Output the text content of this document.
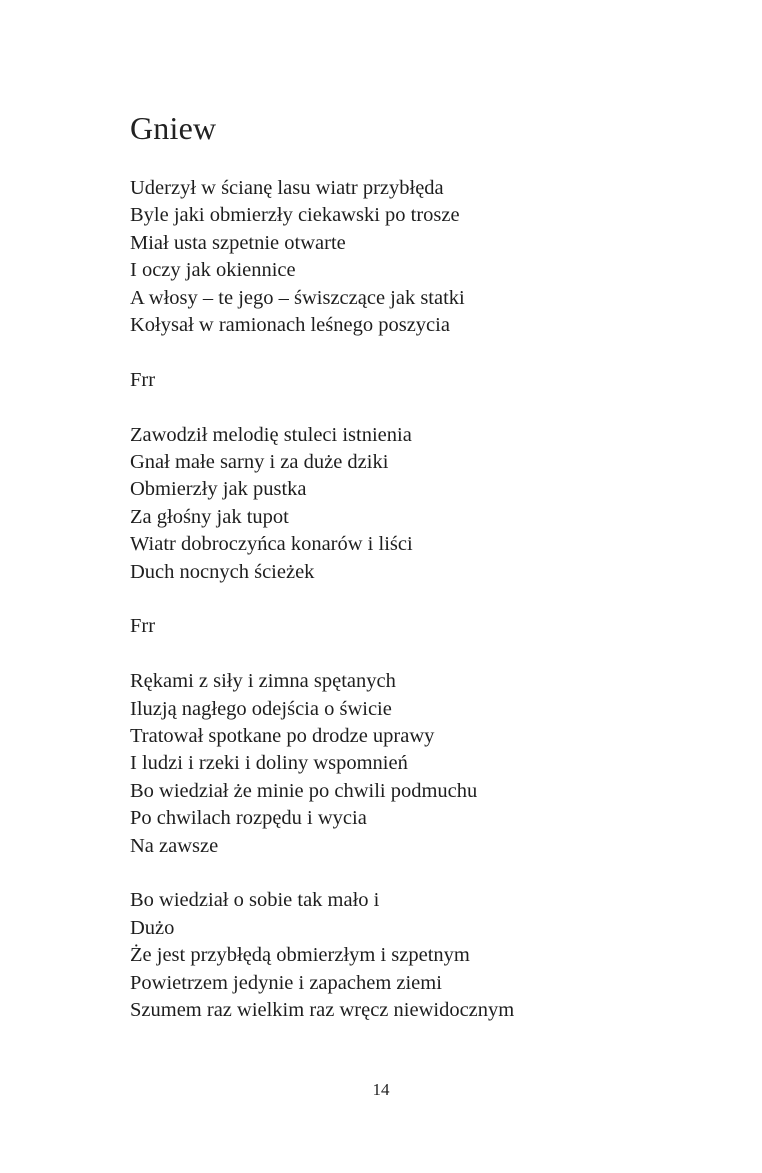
Gniew

Uderzył w ścianę lasu wiatr przybłęda
Byle jaki obmierzły ciekawski po trosze
Miał usta szpetnie otwarte
I oczy jak okiennice
A włosy – te jego – świszczące jak statki
Kołysał w ramionach leśnego poszycia

Frr

Zawodził melodię stuleci istnienia
Gnał małe sarny i za duże dziki
Obmierzły jak pustka
Za głośny jak tupot
Wiatr dobroczyńca konarów i liści
Duch nocnych ścieżek

Frr

Rękami z siły i zimna spętanych
Iluzją nagłego odejścia o świcie
Tratował spotkane po drodze uprawy
I ludzi i rzeki i doliny wspomnień
Bo wiedział że minie po chwili podmuchu
Po chwilach rozpędu i wycia
Na zawsze

Bo wiedział o sobie tak mało i
Dużo
Że jest przybłędą obmierzłym i szpetnym
Powietrzem jedynie i zapachem ziemi
Szumem raz wielkim raz wręcz niewidocznym

14
